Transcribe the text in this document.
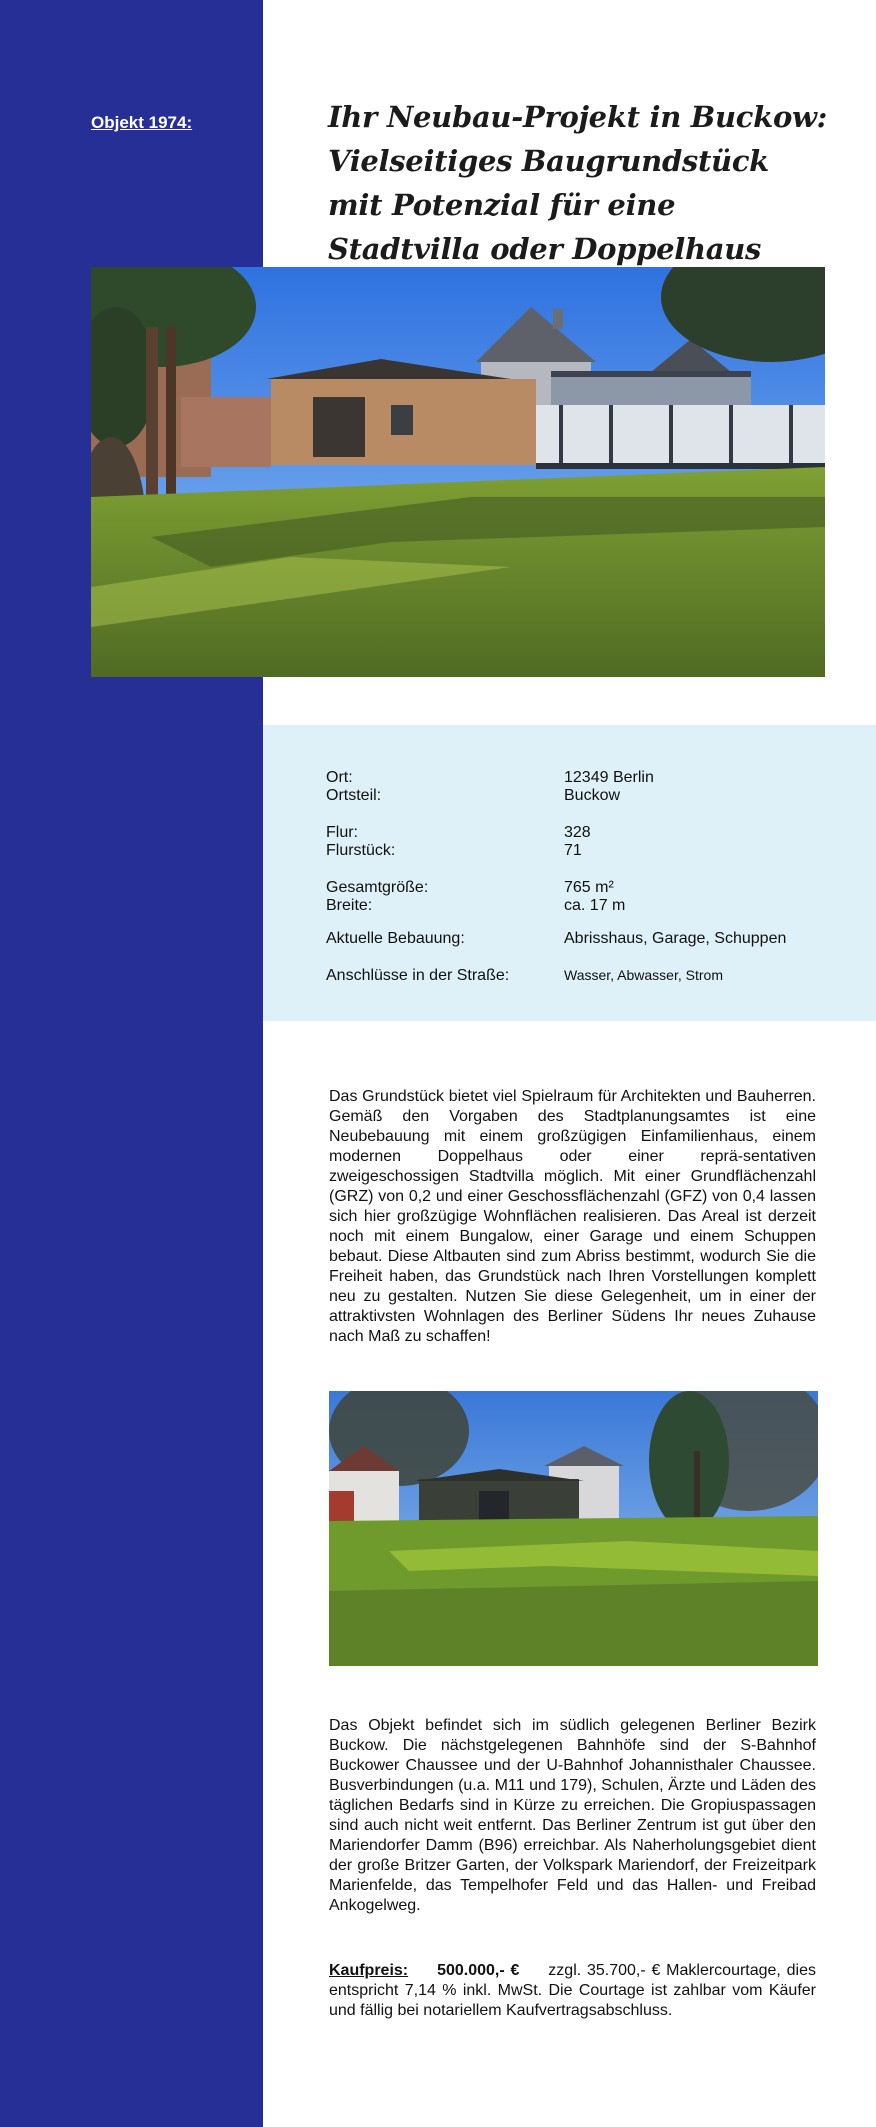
Objekt 1974:	Ihr Neubau-Projekt in Buckow: Vielseitiges Baugrundstück mit Potenzial für eine Stadtvilla oder Doppelhaus
Ort:	12349 Berlin
Ortsteil:	Buckow
Flur:	328
Flurstück:	71
Gesamtgröße:	765 m²
Breite:	ca. 17 m
Aktuelle Bebauung:	Abrisshaus, Garage, Schuppen
Anschlüsse in der Straße:	Wasser, Abwasser, Strom

Das Grundstück bietet viel Spielraum für Architekten und Bauherren. Gemäß den Vorgaben des Stadtplanungsamtes ist eine Neubebauung mit einem großzügigen Einfamilienhaus, einem modernen Doppelhaus oder einer reprä-sentativen zweigeschossigen Stadtvilla möglich. Mit einer Grundflächenzahl (GRZ) von 0,2 und einer Geschossflächenzahl (GFZ) von 0,4 lassen sich hier großzügige Wohnflächen realisieren. Das Areal ist derzeit noch mit einem Bungalow, einer Garage und einem Schuppen bebaut. Diese Altbauten sind zum Abriss bestimmt, wodurch Sie die Freiheit haben, das Grundstück nach Ihren Vorstellungen komplett neu zu gestalten. Nutzen Sie diese Gelegenheit, um in einer der attraktivsten Wohnlagen des Berliner Südens Ihr neues Zuhause nach Maß zu schaffen!

Das Objekt befindet sich im südlich gelegenen Berliner Bezirk Buckow. Die nächstgelegenen Bahnhöfe sind der S-Bahnhof Buckower Chaussee und der U-Bahnhof Johannisthaler Chaussee. Busverbindungen (u.a. M11 und 179), Schulen, Ärzte und Läden des täglichen Bedarfs sind in Kürze zu erreichen. Die Gropiuspassagen sind auch nicht weit entfernt. Das Berliner Zentrum ist gut über den Mariendorfer Damm (B96) erreichbar. Als Naherholungsgebiet dient der große Britzer Garten, der Volkspark Mariendorf, der Freizeitpark Marienfelde, das Tempelhofer Feld und das Hallen- und Freibad Ankogelweg.

Kaufpreis: 500.000,- € zzgl. 35.700,- € Maklercourtage, dies entspricht 7,14 % inkl. MwSt. Die Courtage ist zahlbar vom Käufer und fällig bei notariellem Kaufvertragsabschluss.
